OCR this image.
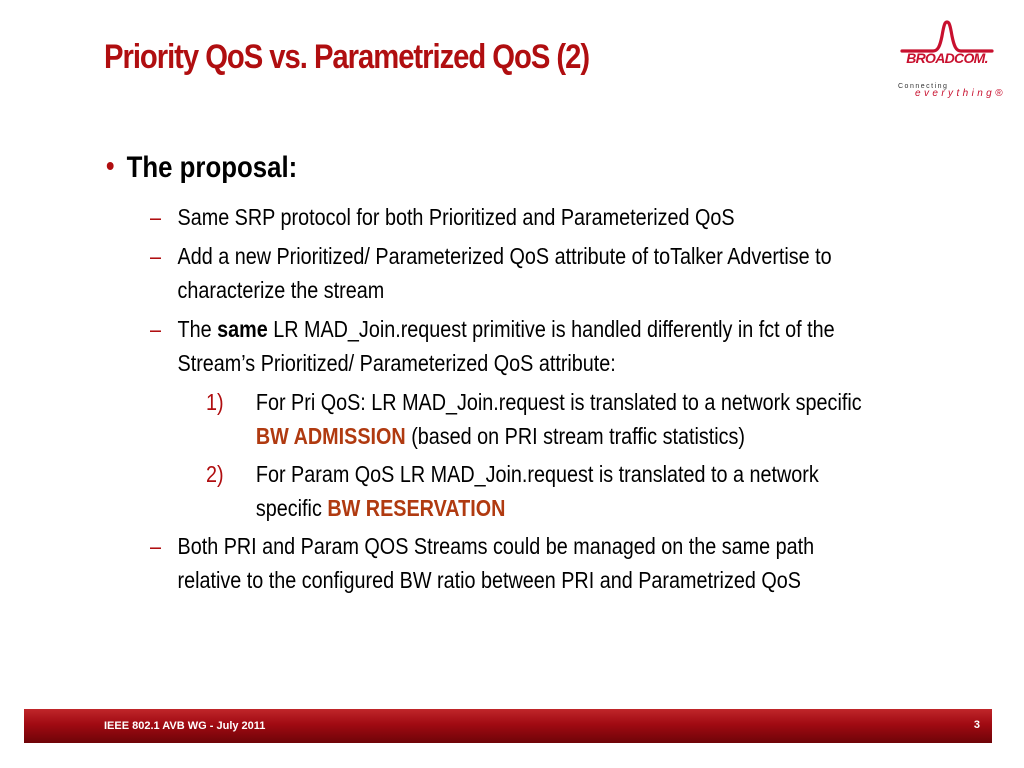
Priority QoS vs. Parametrized QoS (2)	BROADCOM.
Connecting
everything®
• The proposal:
– Same SRP protocol for both Prioritized and Parameterized QoS
– Add a new Prioritized/ Parameterized QoS attribute of toTalker Advertise to
characterize the stream
– The same LR MAD_Join.request primitive is handled differently in fct of the
Stream’s Prioritized/ Parameterized QoS attribute:
1) For Pri QoS: LR MAD_Join.request is translated to a network specific
BW ADMISSION (based on PRI stream traffic statistics)
2) For Param QoS LR MAD_Join.request is translated to a network
specific BW RESERVATION
– Both PRI and Param QOS Streams could be managed on the same path
relative to the configured BW ratio between PRI and Parametrized QoS
IEEE 802.1 AVB WG - July 2011	3
